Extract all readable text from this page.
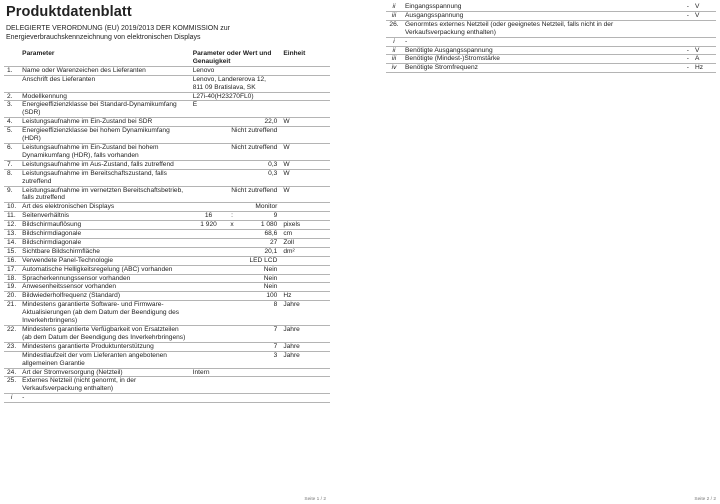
Produktdatenblatt
DELEGIERTE VERORDNUNG (EU) 2019/2013 DER KOMMISSION zur Energieverbrauchskennzeichnung von elektronischen Displays
	Parameter	Parameter oder Wert und Genauigkeit			Einheit
1.	Name oder Warenzeichen des Lieferanten	Lenovo			
	Anschrift des Lieferanten	Lenovo, Landererova 12, 811 09 Bratislava, SK			
2.	Modellkennung	L27i-40(H23270FL0)			
3.	Energieeffizienzklasse bei Standard-Dynamikumfang (SDR)	E			
4.	Leistungsaufnahme im Ein-Zustand bei SDR	22,0			W
5.	Energieeffizienzklasse bei hohem Dynamikumfang (HDR)	Nicht zutreffend			
6.	Leistungsaufnahme im Ein-Zustand bei hohem Dynamikumfang (HDR), falls vorhanden	Nicht zutreffend			W
7.	Leistungsaufnahme im Aus-Zustand, falls zutreffend	0,3			W
8.	Leistungsaufnahme im Bereitschaftszustand, falls zutreffend	0,3			W
9.	Leistungsaufnahme im vernetzten Bereitschaftsbetrieb, falls zutreffend	Nicht zutreffend			W
10.	Art des elektronischen Displays	Monitor			
11.	Seitenverhältnis	16	:	9	
12.	Bildschirmauflösung	1 920	x	1 080	pixels
13.	Bildschirmdiagonale	68,6			cm
14.	Bildschirmdiagonale	27			Zoll
15.	Sichtbare Bildschirmfläche	20,1			dm²
16.	Verwendete Panel-Technologie	LED LCD			
17.	Automatische Helligkeitsregelung (ABC) vorhanden	Nein			
18.	Spracherkennungssensor vorhanden	Nein			
19.	Anwesenheitssensor vorhanden	Nein			
20.	Bildwiederholfrequenz (Standard)	100			Hz
21.	Mindestens garantierte Software- und Firmware-Aktualisierungen (ab dem Datum der Beendigung des Inverkehrbringens)	8			Jahre
22.	Mindestens garantierte Verfügbarkeit von Ersatzteilen (ab dem Datum der Beendigung des Inverkehrbringens)	7			Jahre
23.	Mindestens garantierte Produktunterstützung	7			Jahre
	Mindestlaufzeit der vom Lieferanten angebotenen allgemeinen Garantie	3			Jahre
24.	Art der Stromversorgung (Netzteil)	Intern			
25.	Externes Netzteil (nicht genormt, in der Verkaufsverpackung enthalten)				
i	-				
Seite 1 / 2
ii	Eingangsspannung	-	V
iii	Ausgangsspannung	-	V
26.	Genormtes externes Netzteil (oder geeignetes Netzteil, falls nicht in der Verkaufsverpackung enthalten)		
i	-		
ii	Benötigte Ausgangsspannung	-	V
iii	Benötigte (Mindest-)Stromstärke	-	A
iv	Benötigte Stromfrequenz	-	Hz
Seite 2 / 2
